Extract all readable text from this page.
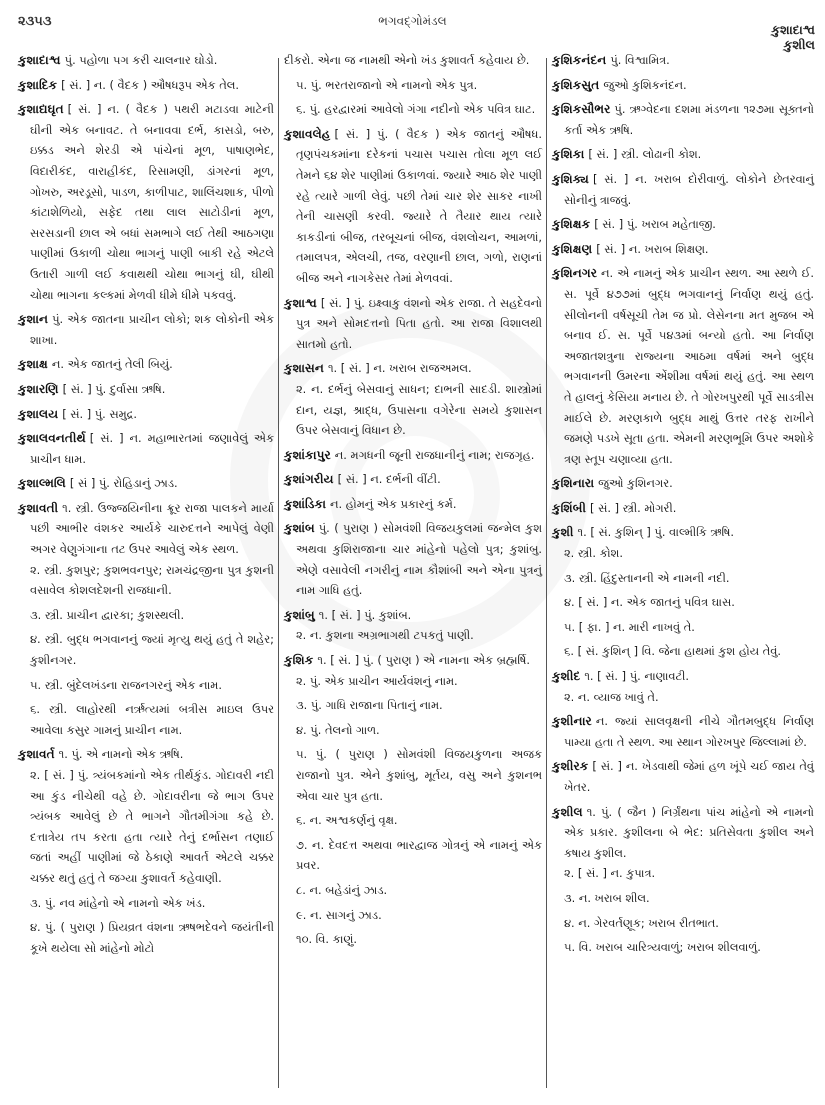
૨૩૫૩	ભગવદ્ગોમંડલ
કુશાદાશ્વ
કુશીલ
કુશાદાશ્વ પું. પહોળા પગ કરી ચાલનાર ઘોડો.
કુશાદિક [ સં. ] ન. ( વૈદક ) ઔષધરૂપ એક તેલ.
કુશાદ્યઘૃત [ સં. ] ન. ( વૈદક ) પથરી મટાડવા માટેની ઘીની એક બનાવટ. તે બનાવવા દર્ભ, કાસડો, બરુ, ઇક્કડ અને શેરડી એ પાંચેનાં મૂળ, પાષાણભેદ, વિદારીકંદ, વારાહીકંદ, રિસામણી, ડાંગરનાં મૂળ, ગોખરુ, અરડૂસો, પાડળ, કાળીપાટ, શાલિંચશાક, પીળો કાંટાશેળિયો, સફેદ તથા લાલ સાટોડીનાં મૂળ, સરસડાની છાલ એ બધાં સમભાગે લઈ તેથી આઠગણા પાણીમાં ઉકાળી ચોથા ભાગનું પાણી બાકી રહે એટલે ઉતારી ગાળી લઈ કવાથથી ચોથા ભાગનું ઘી, ઘીથી ચોથા ભાગના કલ્કમાં મેળવી ધીમે ધીમે પકવવું.
કુશાન પું. એક જાતના પ્રાચીન લોકો; શક લોકોની એક શાખા.
કુશાક્ષ ન. એક જાતનું તેલી બિયું.
કુશારણિ [ સં. ] પું. દુર્વાસા ઋષિ.
કુશાલય [ સં. ] પું. સમુદ્ર.
કુશાલવનતીર્થ [ સં. ] ન. મહાભારતમાં જણાવેલું એક પ્રાચીન ધામ.
કુશાલ્મલિ [ સં ] પું. રોહિડાનું ઝાડ.
કુશાવતી ૧. સ્ત્રી. ઉજ્જયિનીના ક્રૂર રાજા પાલકને માર્યા પછી આભીર વંશકર આર્યકે ચારુદત્તને આપેલું વેણી અગર વેણુગંગાના તટ ઉપર આવેલું એક સ્થળ.
૨. સ્ત્રી. કુશપુર; કુશભવનપુર; રામચંદ્રજીના પુત્ર કુશની વસાવેલ કોશલદેશની રાજધાની.
૩. સ્ત્રી. પ્રાચીન દ્વારકા; કુશસ્થલી.
૪. સ્ત્રી. બુદ્ધ ભગવાનનું જ્યાં મૃત્યુ થયું હતું તે શહેર; કુશીનગર.
૫. સ્ત્રી. બુંદેલખંડના રાજનગરનું એક નામ.
૬. સ્ત્રી. લાહોરથી નર્ઋત્યમાં બત્રીસ માઇલ ઉપર આવેલા કસુર ગામનું પ્રાચીન નામ.
કુશાવર્ત ૧. પું. એ નામનો એક ઋષિ.
૨. [ સં. ] પું. ત્ર્યંબકમાંનો એક તીર્થકુંડ. ગોદાવરી નદી આ કુંડ નીચેથી વહે છે. ગોદાવરીના જે ભાગ ઉપર ત્ર્યંબક આવેલું છે તે ભાગને ગૌતમીગંગા કહે છે. દત્તાત્રેય તપ કરતા હતા ત્યારે તેનું દર્ભાસન તણાઈ જતાં અહીં પાણીમાં જે ઠેકાણે આવર્ત એટલે ચક્કર ચક્કર થતું હતું તે જગ્યા કુશાવર્ત કહેવાણી.
૩. પું. નવ માંહેનો એ નામનો એક ખંડ.
૪. પું. ( પુરાણ ) પ્રિયવ્રત વંશના ઋષભદેવને જયંતીની કૂખે થયેલા સો માંહેનો મોટો
દીકરો. એના જ નામથી એનો ખંડ કુશાવર્ત કહેવાય છે.
૫. પું. ભરતરાજાનો એ નામનો એક પુત્ર.
૬. પું. હરદ્વારમાં આવેલો ગંગા નદીનો એક પવિત્ર ઘાટ.
કુશાવલેહ [ સં. ] પું. ( વૈદક ) એક જાતનું ઔષધ. તૃણપંચકમાંના દરેકનાં પચાસ પચાસ તોલા મૂળ લઈ તેમને ૬૪ શેર પાણીમાં ઉકાળવાં. જ્યારે આઠ શેર પાણી રહે ત્યારે ગાળી લેવું. પછી તેમાં ચાર શેર સાકર નાખી તેની ચાસણી કરવી. જ્યારે તે તૈયાર થાય ત્યારે કાકડીનાં બીજ, તરબૂચનાં બીજ, વંશલોચન, આમળાં, તમાલપત્ર, એલચી, તજ, વરણાની છાલ, ગળો, રાણનાં બીજ અને નાગકેસર તેમાં મેળવવાં.
કુશાશ્વ [ સં. ] પું. ઇક્ષ્વાકુ વંશનો એક રાજા. તે સહદેવનો પુત્ર અને સોમદત્તનો પિતા હતો. આ રાજા વિશાલથી સાતમો હતો.
કુશાસન ૧. [ સં. ] ન. ખરાબ રાજઅમલ.
૨. ન. દર્ભનું બેસવાનું સાધન; દાભની સાદડી. શાસ્ત્રોમાં દાન, યજ્ઞ, શ્રાદ્ધ, ઉપાસના વગેરેના સમયે કુશાસન ઉપર બેસવાનું વિધાન છે.
કુશાંકાપુર ન. મગધની જૂની રાજધાનીનું નામ; રાજગૃહ.
કુશાંગરીય [ સં. ] ન. દર્ભની વીંટી.
કુશાંડિકા ન. હોમનું એક પ્રકારનું કર્મ.
કુશાંબ પું. ( પુરાણ ) સોમવંશી વિજયકુલમાં જન્મેલ કુશ અથવા કુશિરાજાના ચાર માંહેનો પહેલો પુત્ર; કુશાંબુ. એણે વસાવેલી નગરીનું નામ કૌશાંબી અને એના પુત્રનું નામ ગાધિ હતું.
કુશાંબુ ૧. [ સં. ] પું. કુશાંબ.
૨. ન. કુશના અગ્રભાગથી ટપકતું પાણી.
કુશિક ૧. [ સં. ] પું. ( પુરાણ ) એ નામના એક બ્રહ્મર્ષિ.
૨. પું. એક પ્રાચીન આર્યવંશનું નામ.
૩. પું. ગાધિ રાજાના પિતાનું નામ.
૪. પું. તેલનો ગાળ.
૫. પું. ( પુરાણ ) સોમવંશી વિજયકુળના અજક રાજાનો પુત્ર. એને કુશાંબુ, મૂર્તય, વસુ અને કુશનભ એવા ચાર પુત્ર હતા.
૬. ન. અશ્વકર્ણનું વૃક્ષ.
૭. ન. દેવદત્ત અથવા ભારદ્વાજ ગોત્રનું એ નામનું એક પ્રવર.
૮. ન. બહેડાંનું ઝાડ.
૯. ન. સાગનું ઝાડ.
૧૦. વિ. કાણું.
કુશિકનંદન પું. વિશ્વામિત્ર.
કુશિકસુત જુઓ કુશિકનંદન.
કુશિકસૌભર પું. ઋગ્વેદના દશમા મંડળના ૧૨૭મા સૂક્તનો કર્તા એક ઋષિ.
કુશિકા [ સં. ] સ્ત્રી. લોઢાની કોશ.
કુશિક્ય [ સં. ] ન. ખરાબ દોરીવાળું. લોકોને છેતરવાનું સોનીનું ત્રાજવું.
કુશિક્ષક [ સં. ] પું. ખરાબ મહેતાજી.
કુશિક્ષણ [ સં. ] ન. ખરાબ શિક્ષણ.
કુશિનગર ન. એ નામનું એક પ્રાચીન સ્થળ. આ સ્થળે ઈ. સ. પૂર્વે ૪૭૭માં બુદ્ધ ભગવાનનું નિર્વાણ થયું હતું. સીલોનની વર્ષસૂચી તેમ જ પ્રો. લેસેનના મત મુજબ એ બનાવ ઈ. સ. પૂર્વે ૫૪૩માં બન્યો હતો. આ નિર્વાણ અજાતશત્રુના રાજ્યના આઠમા વર્ષમાં અને બુદ્ધ ભગવાનની ઉમરના એંશીમા વર્ષમાં થયું હતું. આ સ્થળ તે હાલનું કેસિયા મનાય છે. તે ગોરખપુરથી પૂર્વે સાડત્રીસ માઈલે છે. મરણકાળે બુદ્ધ માથું ઉત્તર તરફ રાખીને જમણે પડખે સૂતા હતા. એમની મરણભૂમિ ઉપર અશોકે ત્રણ સ્તૂપ ચણાવ્યા હતા.
કુશિનારા જુઓ કુશિનગર.
કુશિંબી [ સં. ] સ્ત્રી. મોગરી.
કુશી ૧. [ સં. કુશિન્ ] પું. વાલ્મીકિ ઋષિ.
૨. સ્ત્રી. કોશ.
૩. સ્ત્રી. હિંદુસ્તાનની એ નામની નદી.
૪. [ સં. ] ન. એક જાતનું પવિત્ર ઘાસ.
૫. [ ફા. ] ન. મારી નાખવું તે.
૬. [ સં. કુશિન્ ] વિ. જેના હાથમાં કુશ હોય તેવું.
કુશીદ ૧. [ સં. ] પું. નાણાવટી.
૨. ન. વ્યાજ ખાવું તે.
કુશીનાર ન. જ્યાં સાલવૃક્ષની નીચે ગૌતમબુદ્ધ નિર્વાણ પામ્યા હતા તે સ્થળ. આ સ્થાન ગોરખપુર જિલ્લામાં છે.
કુશીરક [ સં. ] ન. ખેડવાથી જેમાં હળ ખૂંપે ચઈ જાય તેવું ખેતર.
કુશીલ ૧. પું. ( જૈન ) નિર્ગ્રંથના પાંચ માંહેનો એ નામનો એક પ્રકાર. કુશીલના બે ભેદ: પ્રતિસેવતા કુશીલ અને કષાય કુશીલ.
૨. [ સં. ] ન. કુપાત્ર.
૩. ન. ખરાબ શીલ.
૪. ન. ગેરવર્તણૂક; ખરાબ રીતભાત.
૫. વિ. ખરાબ ચારિત્ર્યવાળું; ખરાબ શીલવાળું.
